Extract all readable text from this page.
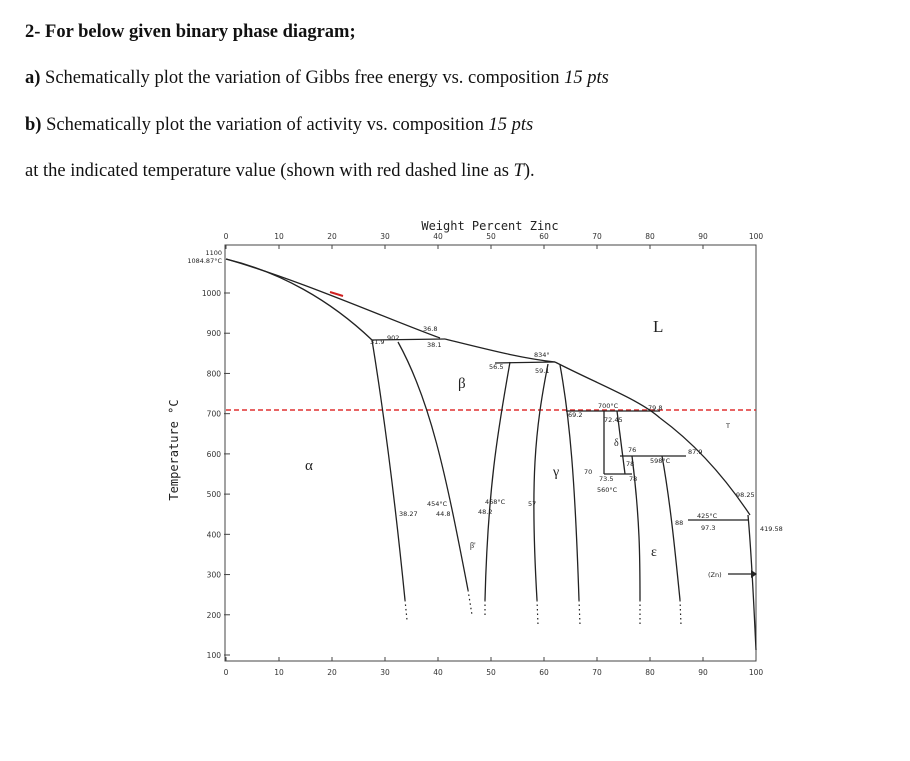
2- For below given binary phase diagram;
a) Schematically plot the variation of Gibbs free energy vs. composition 15 pts
b) Schematically plot the variation of activity vs. composition 15 pts
at the indicated temperature value (shown with red dashed line as T).
0	10	20	30	40	50	60	70	80	90	100
0	10	20	30	40	50	60	70	80	90	100
1000
900
800
700
600
500
400
300
200
100
Weight Percent Zinc
Temperature °C	T
α
β
β'
γ
δ
ε
L
(Zn)
1100
1084.87°C
419.58
31.9 902
36.8
38.1
56.5
834°
59.1
69.2
700°C
72.45
79.8
76
78 598°C
87.9
70
73.5 78
560°C
454°C
38.27	44.8
468°C
48.2
57
88
425°C
97.3
98.25
